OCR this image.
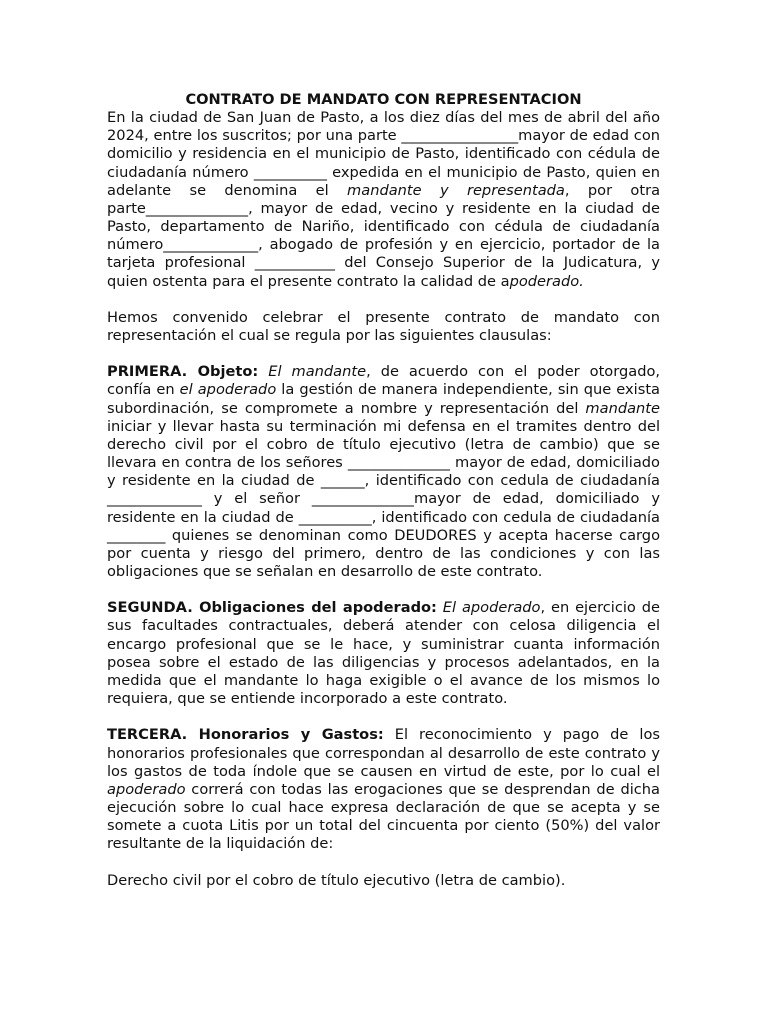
CONTRATO DE MANDATO CON REPRESENTACION

En la ciudad de San Juan de Pasto, a los diez días del mes de abril del año 2024, entre los suscritos; por una parte ________________mayor de edad con domicilio y residencia en el municipio de Pasto, identificado con cédula de ciudadanía número __________ expedida en el municipio de Pasto, quien en adelante se denomina el mandante y representada, por otra parte______________, mayor de edad, vecino y residente en la ciudad de Pasto, departamento de Nariño, identificado con cédula de ciudadanía número_____________, abogado de profesión y en ejercicio, portador de la tarjeta profesional ___________ del Consejo Superior de la Judicatura, y quien ostenta para el presente contrato la calidad de apoderado.

Hemos convenido celebrar el presente contrato de mandato con representación el cual se regula por las siguientes clausulas:

PRIMERA. Objeto: El mandante, de acuerdo con el poder otorgado, confía en el apoderado la gestión de manera independiente, sin que exista subordinación, se compromete a nombre y representación del mandante iniciar y llevar hasta su terminación mi defensa en el tramites dentro del derecho civil por el cobro de título ejecutivo (letra de cambio) que se llevara en contra de los señores ______________ mayor de edad, domiciliado y residente en la ciudad de ______, identificado con cedula de ciudadanía _____________ y el señor ______________mayor de edad, domiciliado y residente en la ciudad de __________, identificado con cedula de ciudadanía ________ quienes se denominan como DEUDORES y acepta hacerse cargo por cuenta y riesgo del primero, dentro de las condiciones y con las obligaciones que se señalan en desarrollo de este contrato.

SEGUNDA. Obligaciones del apoderado: El apoderado, en ejercicio de sus facultades contractuales, deberá atender con celosa diligencia el encargo profesional que se le hace, y suministrar cuanta información posea sobre el estado de las diligencias y procesos adelantados, en la medida que el mandante lo haga exigible o el avance de los mismos lo requiera, que se entiende incorporado a este contrato.

TERCERA. Honorarios y Gastos: El reconocimiento y pago de los honorarios profesionales que correspondan al desarrollo de este contrato y los gastos de toda índole que se causen en virtud de este, por lo cual el apoderado correrá con todas las erogaciones que se desprendan de dicha ejecución sobre lo cual hace expresa declaración de que se acepta y se somete a cuota Litis por un total del cincuenta por ciento (50%) del valor resultante de la liquidación de:

Derecho civil por el cobro de título ejecutivo (letra de cambio).
